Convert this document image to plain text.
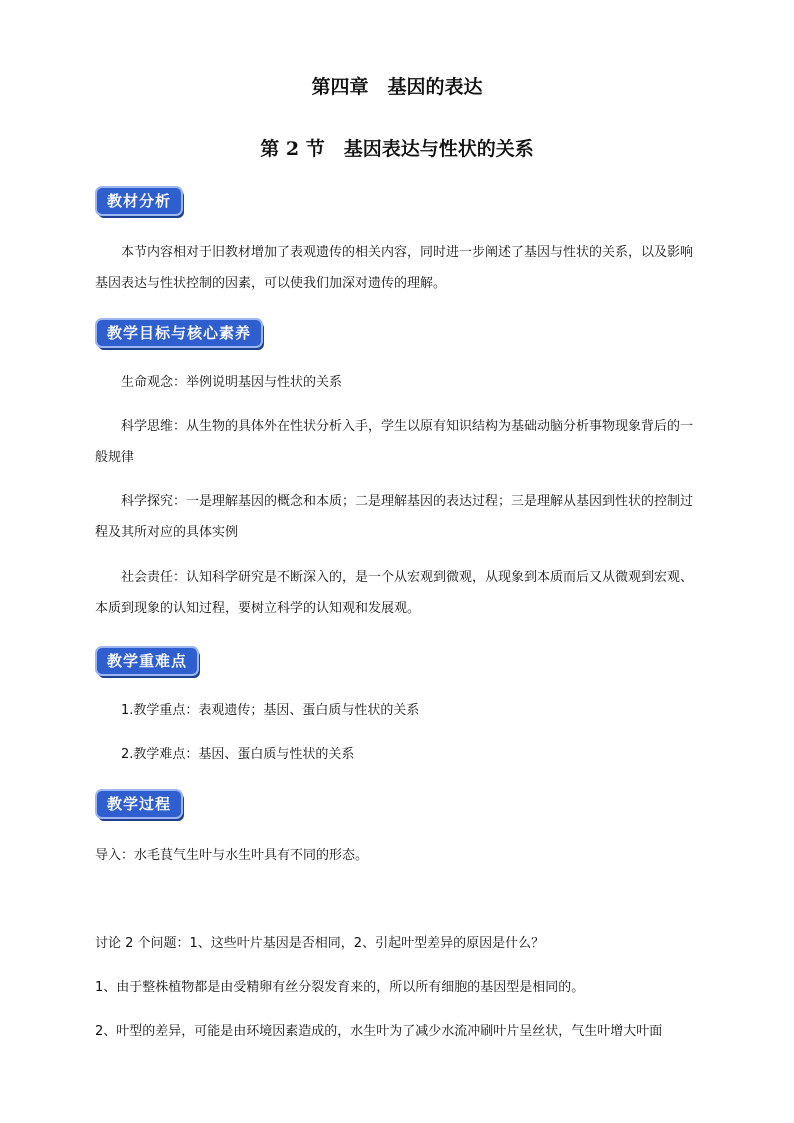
第四章　基因的表达
第 2 节　基因表达与性状的关系
教材分析

本节内容相对于旧教材增加了表观遗传的相关内容，同时进一步阐述了基因与性状的关系，以及影响基因表达与性状控制的因素，可以使我们加深对遗传的理解。

教学目标与核心素养

生命观念：举例说明基因与性状的关系

科学思维：从生物的具体外在性状分析入手，学生以原有知识结构为基础动脑分析事物现象背后的一般规律

科学探究：一是理解基因的概念和本质；二是理解基因的表达过程；三是理解从基因到性状的控制过程及其所对应的具体实例

社会责任：认知科学研究是不断深入的，是一个从宏观到微观，从现象到本质而后又从微观到宏观、本质到现象的认知过程，要树立科学的认知观和发展观。

教学重难点

1.教学重点：表观遗传；基因、蛋白质与性状的关系

2.教学难点：基因、蛋白质与性状的关系

教学过程

导入：水毛茛气生叶与水生叶具有不同的形态。

讨论 2 个问题：1、这些叶片基因是否相同，2、引起叶型差异的原因是什么？

1、由于整株植物都是由受精卵有丝分裂发育来的，所以所有细胞的基因型是相同的。

2、叶型的差异，可能是由环境因素造成的，水生叶为了减少水流冲刷叶片呈丝状，气生叶增大叶面
